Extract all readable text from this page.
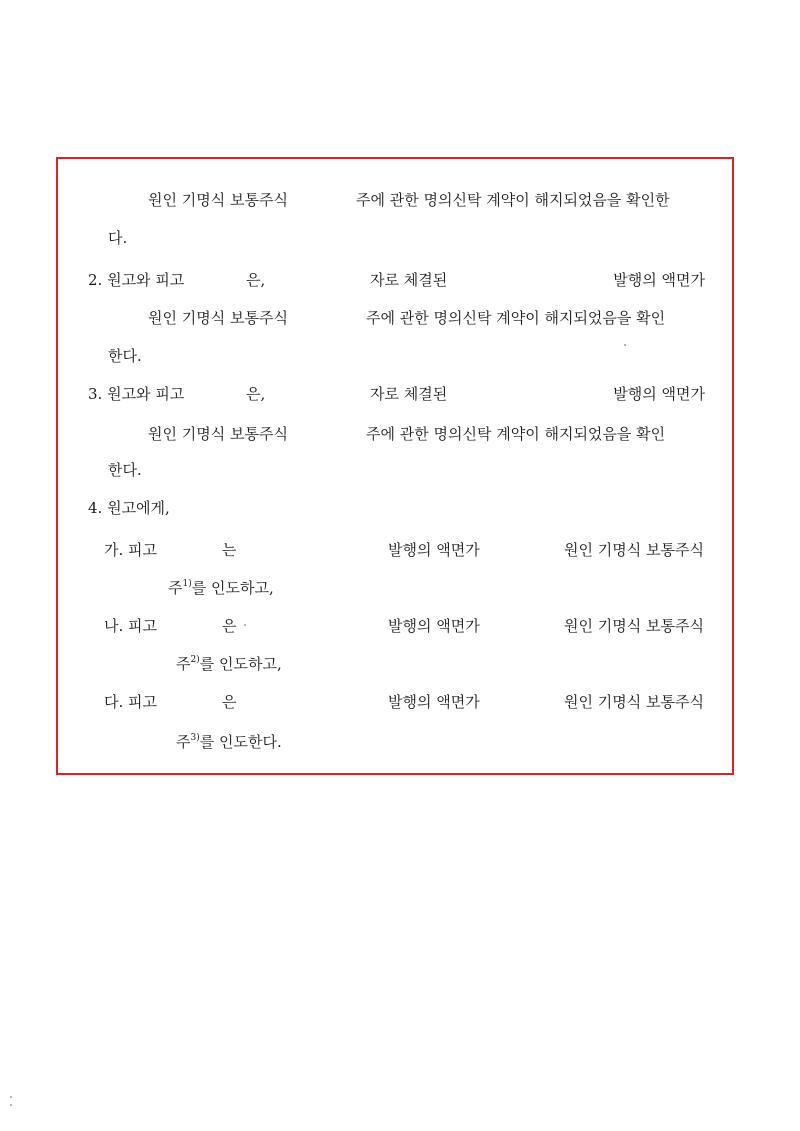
원인 기명식 보통주식	주에 관한 명의신탁 계약이 해지되었음을 확인한
다.
2. 원고와 피고	은,	자로 체결된	발행의 액면가
원인 기명식 보통주식	주에 관한 명의신탁 계약이 해지되었음을 확인
한다.
3. 원고와 피고	은,	자로 체결된	발행의 액면가
원인 기명식 보통주식	주에 관한 명의신탁 계약이 해지되었음을 확인
한다.
4. 원고에게,
가. 피고	는	발행의 액면가	원인 기명식 보통주식
주$^{1)}$를 인도하고,
나. 피고	은	발행의 액면가	원인 기명식 보통주식
주$^{2)}$를 인도하고,
다. 피고	은	발행의 액면가	원인 기명식 보통주식
주$^{3)}$를 인도한다.
